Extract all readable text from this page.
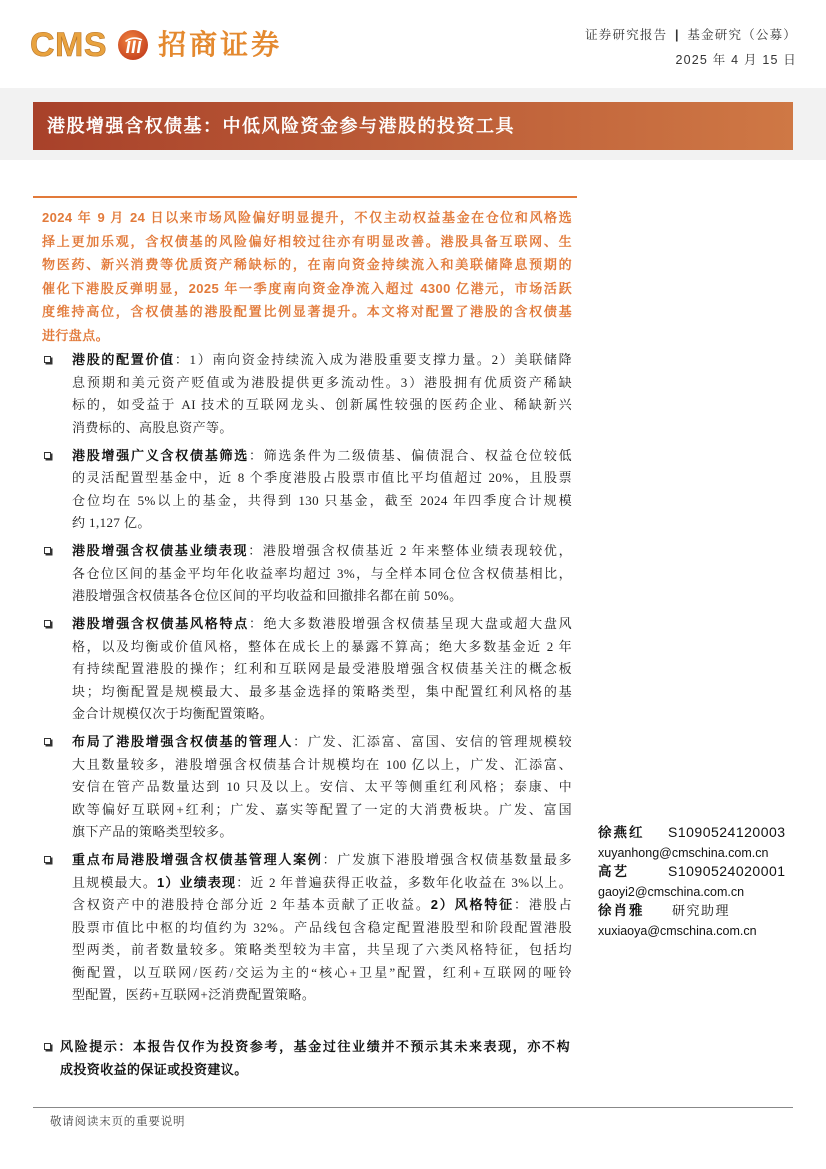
CMS 招商证券	证券研究报告 | 基金研究（公募）
2025 年 4 月 15 日
港股增强含权债基：中低风险资金参与港股的投资工具
2024 年 9 月 24 日以来市场风险偏好明显提升，不仅主动权益基金在仓位和风格选
择上更加乐观，含权债基的风险偏好相较过往亦有明显改善。港股具备互联网、生
物医药、新兴消费等优质资产稀缺标的，在南向资金持续流入和美联储降息预期的
催化下港股反弹明显，2025 年一季度南向资金净流入超过 4300 亿港元，市场活跃
度维持高位，含权债基的港股配置比例显著提升。本文将对配置了港股的含权债基
进行盘点。
港股的配置价值：1）南向资金持续流入成为港股重要支撑力量。2）美联储降
息预期和美元资产贬值或为港股提供更多流动性。3）港股拥有优质资产稀缺
标的，如受益于 AI 技术的互联网龙头、创新属性较强的医药企业、稀缺新兴
消费标的、高股息资产等。
港股增强广义含权债基筛选：筛选条件为二级债基、偏债混合、权益仓位较低
的灵活配置型基金中，近 8 个季度港股占股票市值比平均值超过 20%，且股票
仓位均在 5%以上的基金，共得到 130 只基金，截至 2024 年四季度合计规模
约 1,127 亿。
港股增强含权债基业绩表现：港股增强含权债基近 2 年来整体业绩表现较优，
各仓位区间的基金平均年化收益率均超过 3%，与全样本同仓位含权债基相比，
港股增强含权债基各仓位区间的平均收益和回撤排名都在前 50%。
港股增强含权债基风格特点：绝大多数港股增强含权债基呈现大盘或超大盘风
格，以及均衡或价值风格，整体在成长上的暴露不算高；绝大多数基金近 2 年
有持续配置港股的操作；红利和互联网是最受港股增强含权债基关注的概念板
块；均衡配置是规模最大、最多基金选择的策略类型，集中配置红利风格的基
金合计规模仅次于均衡配置策略。
布局了港股增强含权债基的管理人：广发、汇添富、富国、安信的管理规模较
大且数量较多，港股增强含权债基合计规模均在 100 亿以上，广发、汇添富、
安信在管产品数量达到 10 只及以上。安信、太平等侧重红利风格；泰康、中
欧等偏好互联网+红利；广发、嘉实等配置了一定的大消费板块。广发、富国
旗下产品的策略类型较多。
重点布局港股增强含权债基管理人案例：广发旗下港股增强含权债基数量最多
且规模最大。1）业绩表现：近 2 年普遍获得正收益，多数年化收益在 3%以上。
含权资产中的港股持仓部分近 2 年基本贡献了正收益。2）风格特征：港股占
股票市值比中枢的均值约为 32%。产品线包含稳定配置港股型和阶段配置港股
型两类，前者数量较多。策略类型较为丰富，共呈现了六类风格特征，包括均
衡配置，以互联网/医药/交运为主的“核心+卫星”配置，红利+互联网的哑铃
型配置，医药+互联网+泛消费配置策略。
风险提示：本报告仅作为投资参考，基金过往业绩并不预示其未来表现，亦不构
成投资收益的保证或投资建议。
徐燕红 S1090524120003
xuyanhong@cmschina.com.cn
高艺	S1090524020001
gaoyi2@cmschina.com.cn
徐肖雅 研究助理
xuxiaoya@cmschina.com.cn
敬请阅读末页的重要说明
